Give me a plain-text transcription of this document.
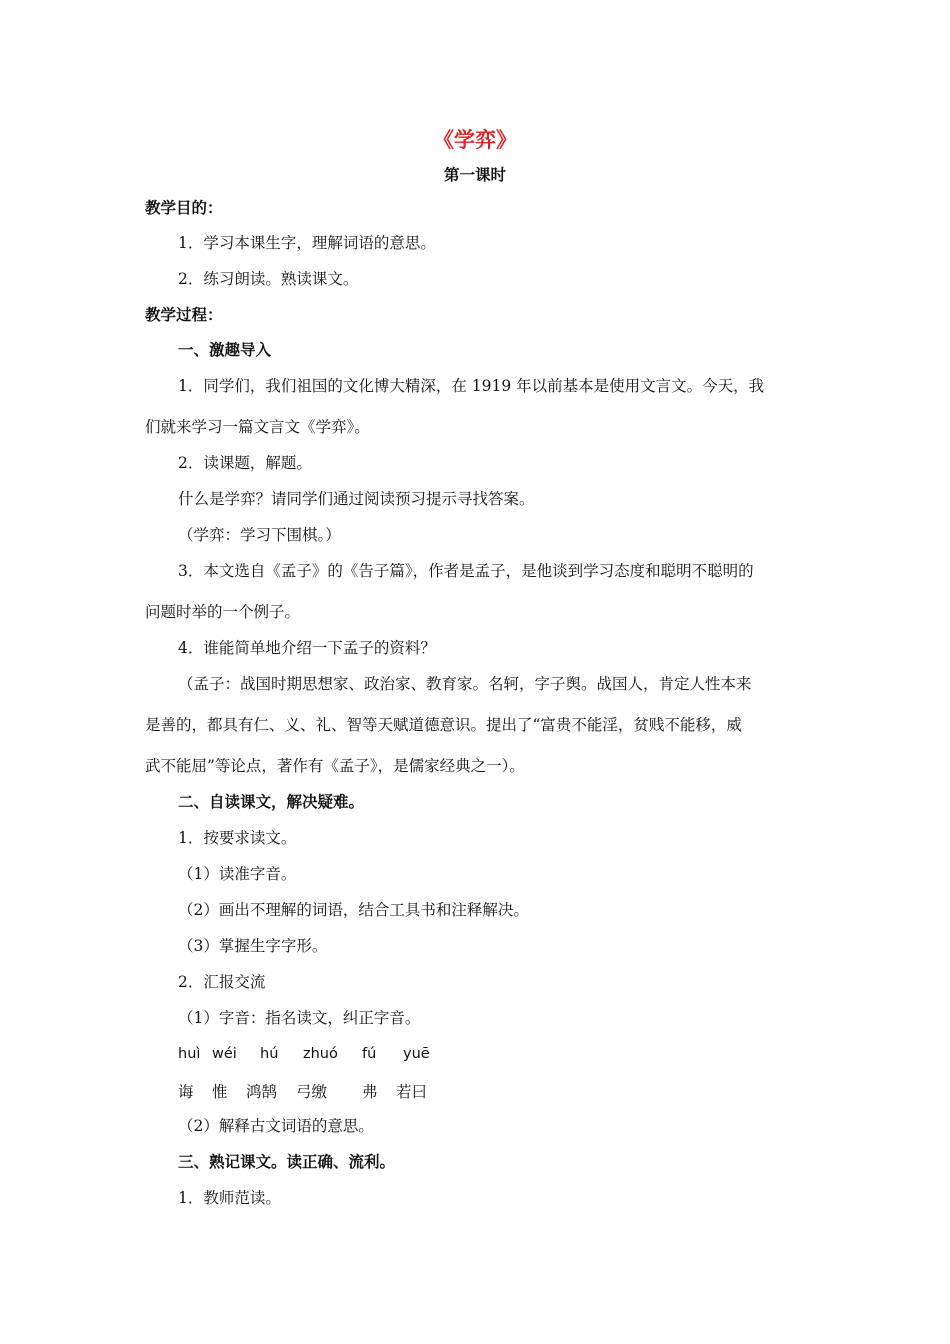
《学弈》
第一课时
教学目的：
1．学习本课生字，理解词语的意思。
2．练习朗读。熟读课文。
教学过程：
一、激趣导入
1．同学们，我们祖国的文化博大精深，在 1919 年以前基本是使用文言文。今天，我
们就来学习一篇文言文《学弈》。
2．读课题，解题。
什么是学弈？请同学们通过阅读预习提示寻找答案。
（学弈：学习下围棋。）
3．本文选自《孟子》的《告子篇》，作者是孟子，是他谈到学习态度和聪明不聪明的
问题时举的一个例子。
4．谁能简单地介绍一下孟子的资料？
（孟子：战国时期思想家、政治家、教育家。名轲，字子舆。战国人，肯定人性本来
是善的，都具有仁、义、礼、智等天赋道德意识。提出了“富贵不能淫，贫贱不能移，威
武不能屈”等论点，著作有《孟子》，是儒家经典之一）。
二、自读课文，解决疑难。
1．按要求读文。
（1）读准字音。
（2）画出不理解的词语，结合工具书和注释解决。
（3）掌握生字字形。
2．汇报交流
（1）字音：指名读文，纠正字音。
huì wéi hú zhuó fú yuē
诲 惟 鸿鹄 弓缴 弗 若曰
（2）解释古文词语的意思。
三、熟记课文。读正确、流利。
1．教师范读。
